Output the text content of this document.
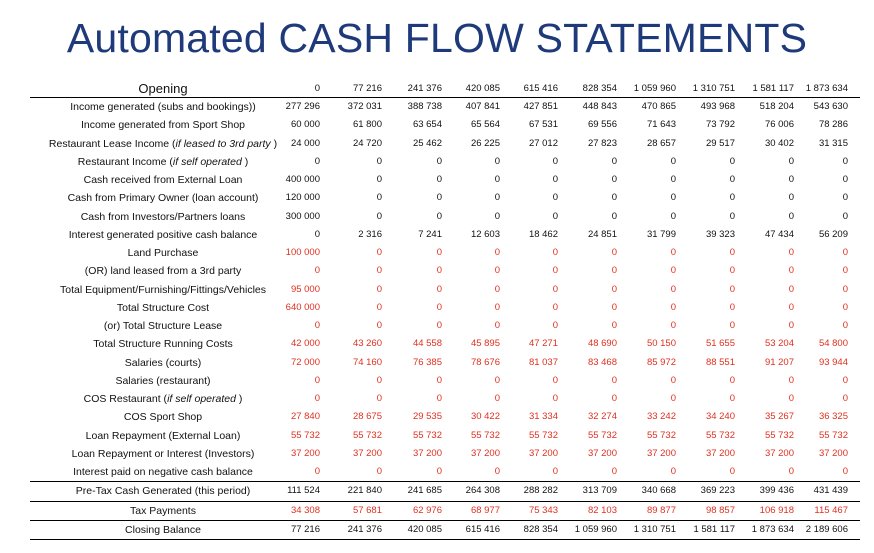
Automated CASH FLOW STATEMENTS
Opening	0	77 216	241 376	420 085	615 416	828 354	1 059 960	1 310 751	1 581 117	1 873 634
Income generated (subs and bookings))	277 296	372 031	388 738	407 841	427 851	448 843	470 865	493 968	518 204	543 630
Income generated from Sport Shop	60 000	61 800	63 654	65 564	67 531	69 556	71 643	73 792	76 006	78 286
Restaurant Lease Income (if leased to 3rd party )	24 000	24 720	25 462	26 225	27 012	27 823	28 657	29 517	30 402	31 315
Restaurant Income (if self operated )	0	0	0	0	0	0	0	0	0	0
Cash received from External Loan	400 000	0	0	0	0	0	0	0	0	0
Cash from Primary Owner (loan account)	120 000	0	0	0	0	0	0	0	0	0
Cash from Investors/Partners loans	300 000	0	0	0	0	0	0	0	0	0
Interest generated positive cash balance	0	2 316	7 241	12 603	18 462	24 851	31 799	39 323	47 434	56 209
Land Purchase	100 000	0	0	0	0	0	0	0	0	0
(OR) land leased from a 3rd party	0	0	0	0	0	0	0	0	0	0
Total Equipment/Furnishing/Fittings/Vehicles	95 000	0	0	0	0	0	0	0	0	0
Total Structure Cost	640 000	0	0	0	0	0	0	0	0	0
(or) Total Structure Lease	0	0	0	0	0	0	0	0	0	0
Total Structure Running Costs	42 000	43 260	44 558	45 895	47 271	48 690	50 150	51 655	53 204	54 800
Salaries (courts)	72 000	74 160	76 385	78 676	81 037	83 468	85 972	88 551	91 207	93 944
Salaries (restaurant)	0	0	0	0	0	0	0	0	0	0
COS Restaurant (if self operated )	0	0	0	0	0	0	0	0	0	0
COS Sport Shop	27 840	28 675	29 535	30 422	31 334	32 274	33 242	34 240	35 267	36 325
Loan Repayment (External Loan)	55 732	55 732	55 732	55 732	55 732	55 732	55 732	55 732	55 732	55 732
Loan Repayment or Interest (Investors)	37 200	37 200	37 200	37 200	37 200	37 200	37 200	37 200	37 200	37 200
Interest paid on negative cash balance	0	0	0	0	0	0	0	0	0	0
Pre-Tax Cash Generated (this period)	111 524	221 840	241 685	264 308	288 282	313 709	340 668	369 223	399 436	431 439
Tax Payments	34 308	57 681	62 976	68 977	75 343	82 103	89 877	98 857	106 918	115 467
Closing Balance	77 216	241 376	420 085	615 416	828 354	1 059 960	1 310 751	1 581 117	1 873 634	2 189 606
